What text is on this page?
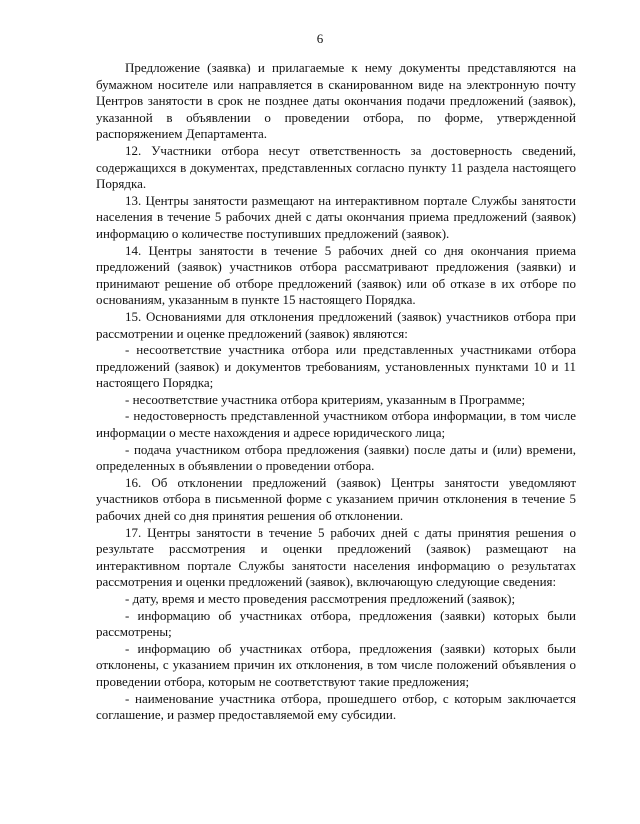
6

Предложение (заявка) и прилагаемые к нему документы представляются на бумажном носителе или направляется в сканированном виде на электронную почту Центров занятости в срок не позднее даты окончания подачи предложений (заявок), указанной в объявлении о проведении отбора, по форме, утвержденной распоряжением Департамента.

12. Участники отбора несут ответственность за достоверность сведений, содержащихся в документах, представленных согласно пункту 11 раздела настоящего Порядка.

13. Центры занятости размещают на интерактивном портале Службы занятости населения в течение 5 рабочих дней с даты окончания приема предложений (заявок) информацию о количестве поступивших предложений (заявок).

14. Центры занятости в течение 5 рабочих дней со дня окончания приема предложений (заявок) участников отбора рассматривают предложения (заявки) и принимают решение об отборе предложений (заявок) или об отказе в их отборе по основаниям, указанным в пункте 15 настоящего Порядка.

15. Основаниями для отклонения предложений (заявок) участников отбора при рассмотрении и оценке предложений (заявок) являются:

- несоответствие участника отбора или представленных участниками отбора предложений (заявок) и документов требованиям, установленных пунктами 10 и 11 настоящего Порядка;

- несоответствие участника отбора критериям, указанным в Программе;

- недостоверность представленной участником отбора информации, в том числе информации о месте нахождения и адресе юридического лица;

- подача участником отбора предложения (заявки) после даты и (или) времени, определенных в объявлении о проведении отбора.

16. Об отклонении предложений (заявок) Центры занятости уведомляют участников отбора в письменной форме с указанием причин отклонения в течение 5 рабочих дней со дня принятия решения об отклонении.

17. Центры занятости в течение 5 рабочих дней с даты принятия решения о результате рассмотрения и оценки предложений (заявок) размещают на интерактивном портале Службы занятости населения информацию о результатах рассмотрения и оценки предложений (заявок), включающую следующие сведения:

- дату, время и место проведения рассмотрения предложений (заявок);

- информацию об участниках отбора, предложения (заявки) которых были рассмотрены;

- информацию об участниках отбора, предложения (заявки) которых были отклонены, с указанием причин их отклонения, в том числе положений объявления о проведении отбора, которым не соответствуют такие предложения;

- наименование участника отбора, прошедшего отбор, с которым заключается соглашение, и размер предоставляемой ему субсидии.
